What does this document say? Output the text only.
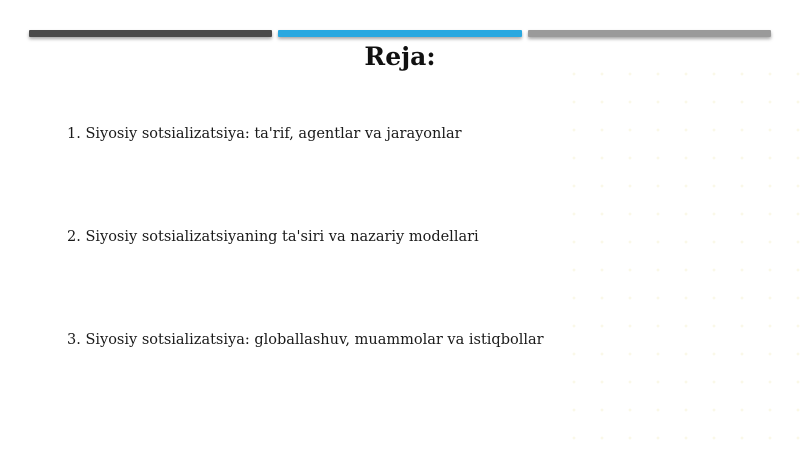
Reja:
1. Siyosiy sotsializatsiya: ta'rif, agentlar va jarayonlar
2. Siyosiy sotsializatsiyaning ta'siri va nazariy modellari
3. Siyosiy sotsializatsiya: globallashuv, muammolar va istiqbollar
